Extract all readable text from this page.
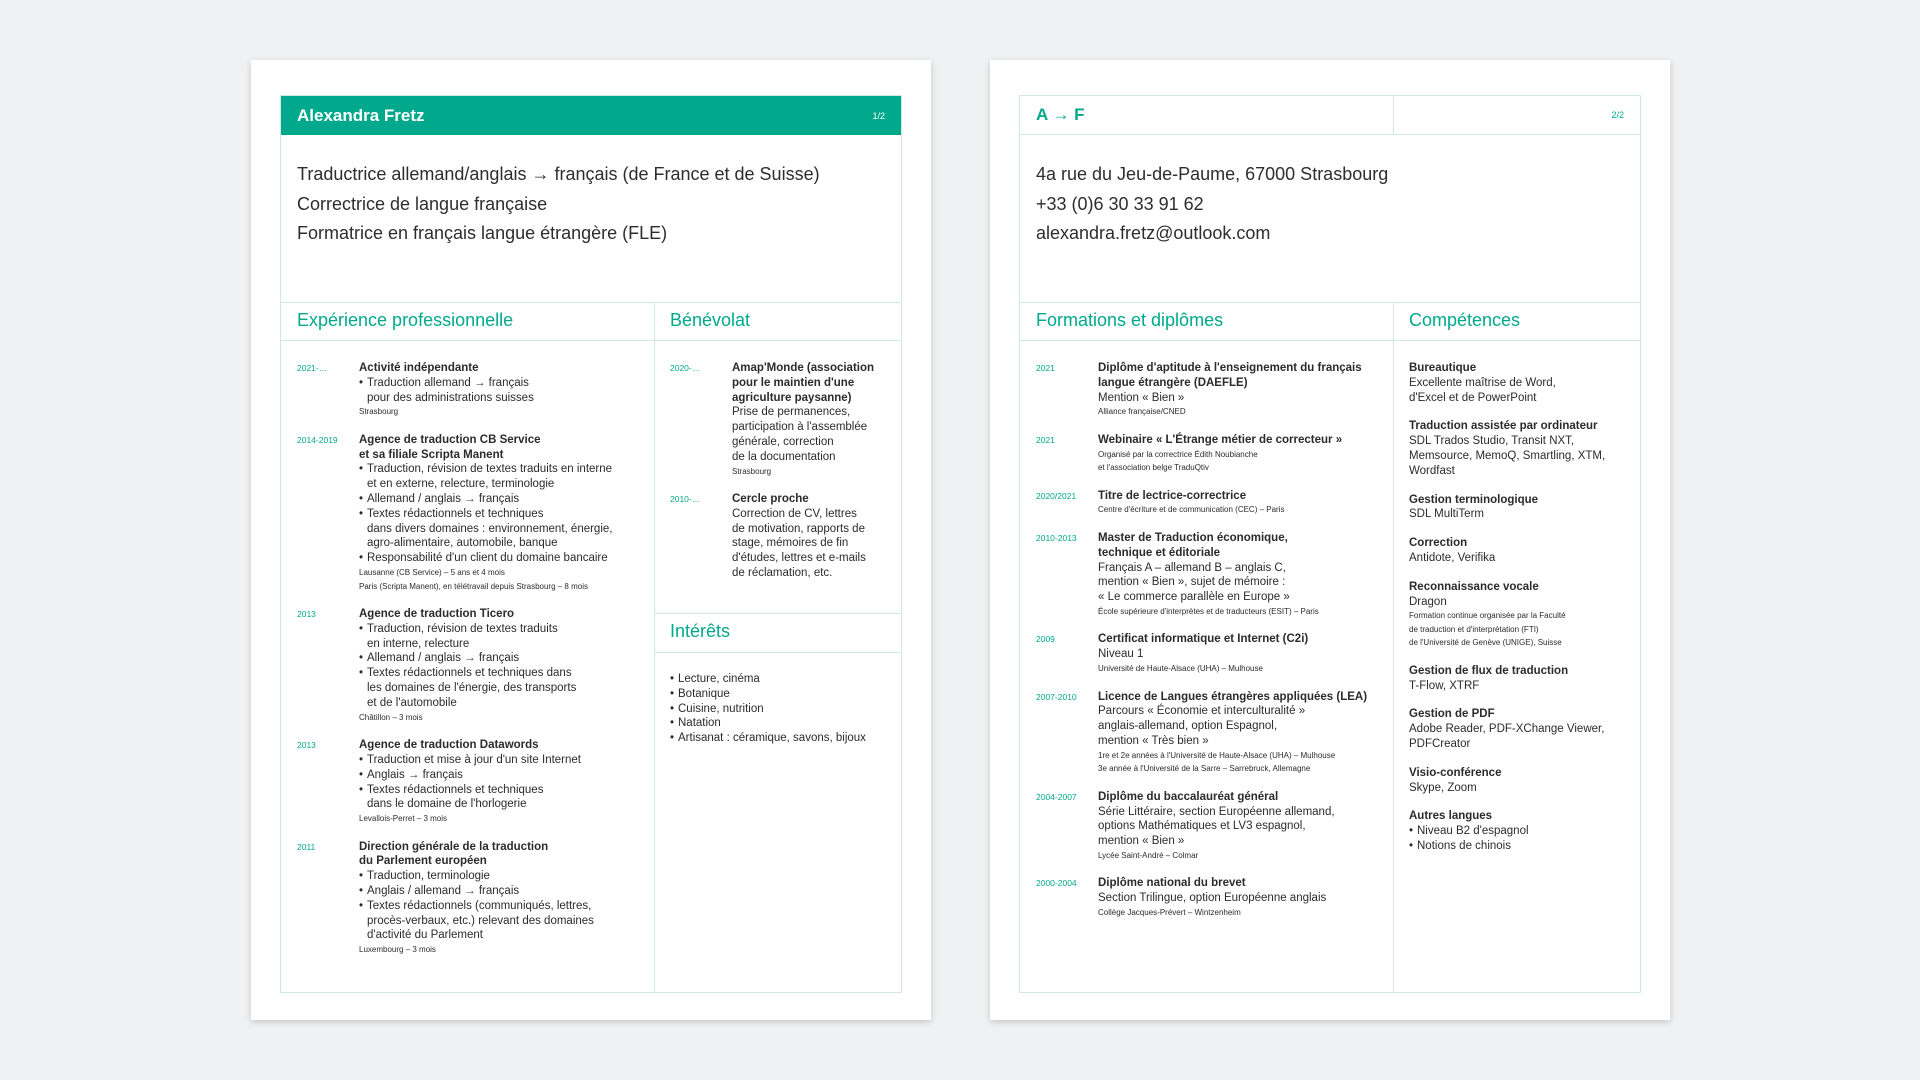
Alexandra Fretz	1/2
Traductrice allemand/anglais → français (de France et de Suisse)
Correctrice de langue française
Formatrice en français langue étrangère (FLE)
Expérience professionnelle	Bénévolat
Intérêts
2021-…	Activité indépendante
• Traduction allemand → français
pour des administrations suisses
Strasbourg
2014-2019	Agence de traduction CB Service
et sa filiale Scripta Manent
• Traduction, révision de textes traduits en interne
et en externe, relecture, terminologie
• Allemand / anglais → français
• Textes rédactionnels et techniques
dans divers domaines : environnement, énergie,
agro-alimentaire, automobile, banque
• Responsabilité d'un client du domaine bancaire
Lausanne (CB Service) – 5 ans et 4 mois
Paris (Scripta Manent), en télétravail depuis Strasbourg – 8 mois
2013	Agence de traduction Ticero
• Traduction, révision de textes traduits
en interne, relecture
• Allemand / anglais → français
• Textes rédactionnels et techniques dans
les domaines de l'énergie, des transports
et de l'automobile
Châtillon – 3 mois
2013	Agence de traduction Datawords
• Traduction et mise à jour d'un site Internet
• Anglais → français
• Textes rédactionnels et techniques
dans le domaine de l'horlogerie
Levallois-Perret – 3 mois
2011	Direction générale de la traduction
du Parlement européen
• Traduction, terminologie
• Anglais / allemand → français
• Textes rédactionnels (communiqués, lettres,
procès-verbaux, etc.) relevant des domaines
d'activité du Parlement
Luxembourg – 3 mois
2020-…	Amap'Monde (association
pour le maintien d'une
agriculture paysanne)
Prise de permanences,
participation à l'assemblée
générale, correction
de la documentation
Strasbourg
2010-…	Cercle proche
Correction de CV, lettres
de motivation, rapports de
stage, mémoires de fin
d'études, lettres et e-mails
de réclamation, etc.
• Lecture, cinéma
• Botanique
• Cuisine, nutrition
• Natation
• Artisanat : céramique, savons, bijoux
A → F	2/2
4a rue du Jeu-de-Paume, 67000 Strasbourg
+33 (0)6 30 33 91 62
alexandra.fretz@outlook.com
Formations et diplômes	Compétences
2021	Diplôme d'aptitude à l'enseignement du français
langue étrangère (DAEFLE)
Mention « Bien »
Alliance française/CNED
2021	Webinaire « L'Étrange métier de correcteur »
Organisé par la correctrice Édith Noubianche
et l'association belge TraduQtiv
2020/2021	Titre de lectrice-correctrice
Centre d'écriture et de communication (CEC) – Paris
2010-2013	Master de Traduction économique,
technique et éditoriale
Français A – allemand B – anglais C,
mention « Bien », sujet de mémoire :
« Le commerce parallèle en Europe »
École supérieure d'interprètes et de traducteurs (ESIT) – Paris
2009	Certificat informatique et Internet (C2i)
Niveau 1
Université de Haute-Alsace (UHA) – Mulhouse
2007-2010	Licence de Langues étrangères appliquées (LEA)
Parcours « Économie et interculturalité »
anglais-allemand, option Espagnol,
mention « Très bien »
1re et 2e années à l'Université de Haute-Alsace (UHA) – Mulhouse
3e année à l'Université de la Sarre – Sarrebruck, Allemagne
2004-2007	Diplôme du baccalauréat général
Série Littéraire, section Européenne allemand,
options Mathématiques et LV3 espagnol,
mention « Bien »
Lycée Saint-André – Colmar
2000-2004	Diplôme national du brevet
Section Trilingue, option Européenne anglais
Collège Jacques-Prévert – Wintzenheim
Bureautique
Excellente maîtrise de Word,
d'Excel et de PowerPoint
Traduction assistée par ordinateur
SDL Trados Studio, Transit NXT,
Memsource, MemoQ, Smartling, XTM,
Wordfast
Gestion terminologique
SDL MultiTerm
Correction
Antidote, Verifika
Reconnaissance vocale
Dragon
Formation continue organisée par la Faculté
de traduction et d'interprétation (FTI)
de l'Université de Genève (UNIGE), Suisse
Gestion de flux de traduction
T-Flow, XTRF
Gestion de PDF
Adobe Reader, PDF-XChange Viewer,
PDFCreator
Visio-conférence
Skype, Zoom
Autres langues
• Niveau B2 d'espagnol
• Notions de chinois
